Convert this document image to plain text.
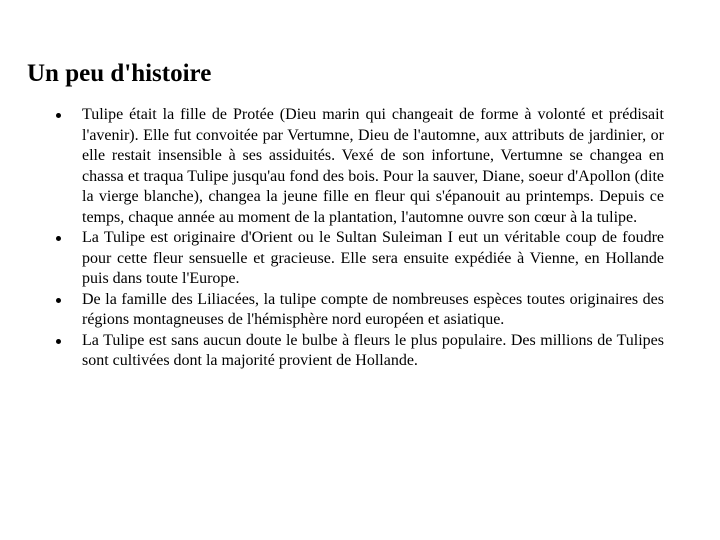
Un peu d'histoire
Tulipe était la fille de Protée (Dieu marin qui changeait de forme à volonté et prédisait l'avenir). Elle fut convoitée par Vertumne, Dieu de l'automne, aux attributs de jardinier, or elle restait insensible à ses assiduités. Vexé de son infortune, Vertumne se changea en chassa et traqua Tulipe jusqu'au fond des bois. Pour la sauver, Diane, soeur d'Apollon (dite la vierge blanche), changea la jeune fille en fleur qui s'épanouit au printemps. Depuis ce temps, chaque année au moment de la plantation, l'automne ouvre son cœur à la tulipe.
La Tulipe est originaire d'Orient ou le Sultan Suleiman I eut un véritable coup de foudre pour cette fleur sensuelle et gracieuse. Elle sera ensuite expédiée à Vienne, en Hollande puis dans toute l'Europe.
De la famille des Liliacées, la tulipe compte de nombreuses espèces toutes originaires des régions montagneuses de l'hémisphère nord européen et asiatique.
La Tulipe est sans aucun doute le bulbe à fleurs le plus populaire. Des millions de Tulipes sont cultivées dont la majorité provient de Hollande.
